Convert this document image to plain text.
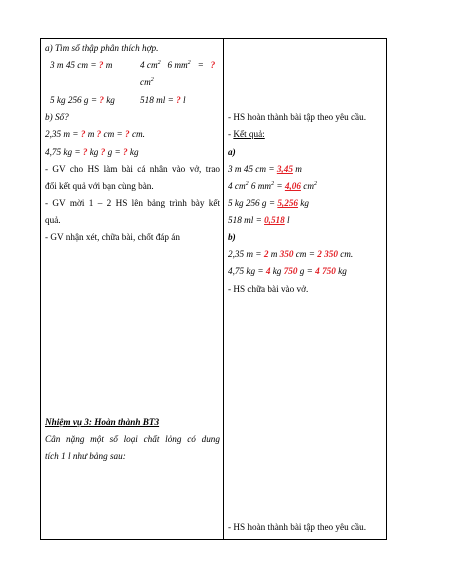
a) Tìm số thập phân thích hợp.
3 m 45 cm = ? m	4 $cm^2$   6 $mm^2$   =   ?
$cm^2$
5 kg 256 g = ? kg	518 ml = ? l
b) Số?
2,35 m = ? m ? cm = ? cm.
4,75 kg = ? kg ? g = ? kg
- GV cho HS làm bài cá nhân vào vở, trao
đổi kết quả với bạn cùng bàn.
- GV mời 1 – 2 HS lên bảng trình bày kết
quả.
- GV nhận xét, chữa bài, chốt đáp án
Nhiệm vụ 3: Hoàn thành BT3
Cân nặng một số loại chất lỏng có dung
tích 1 l như bảng sau:
- HS hoàn thành bài tập theo yêu cầu.
- Kết quả:
a)
3 m 45 cm = 3,45 m
4 $cm^2$ 6 $mm^2 = 4,06$ $cm^2$
5 kg 256 g = 5,256 kg
518 ml = 0,518 l
b)
2,35 m = 2 m 350 cm = 2 350 cm.
4,75 kg = 4 kg 750 g = 4 750 kg
- HS chữa bài vào vở.
- HS hoàn thành bài tập theo yêu cầu.
